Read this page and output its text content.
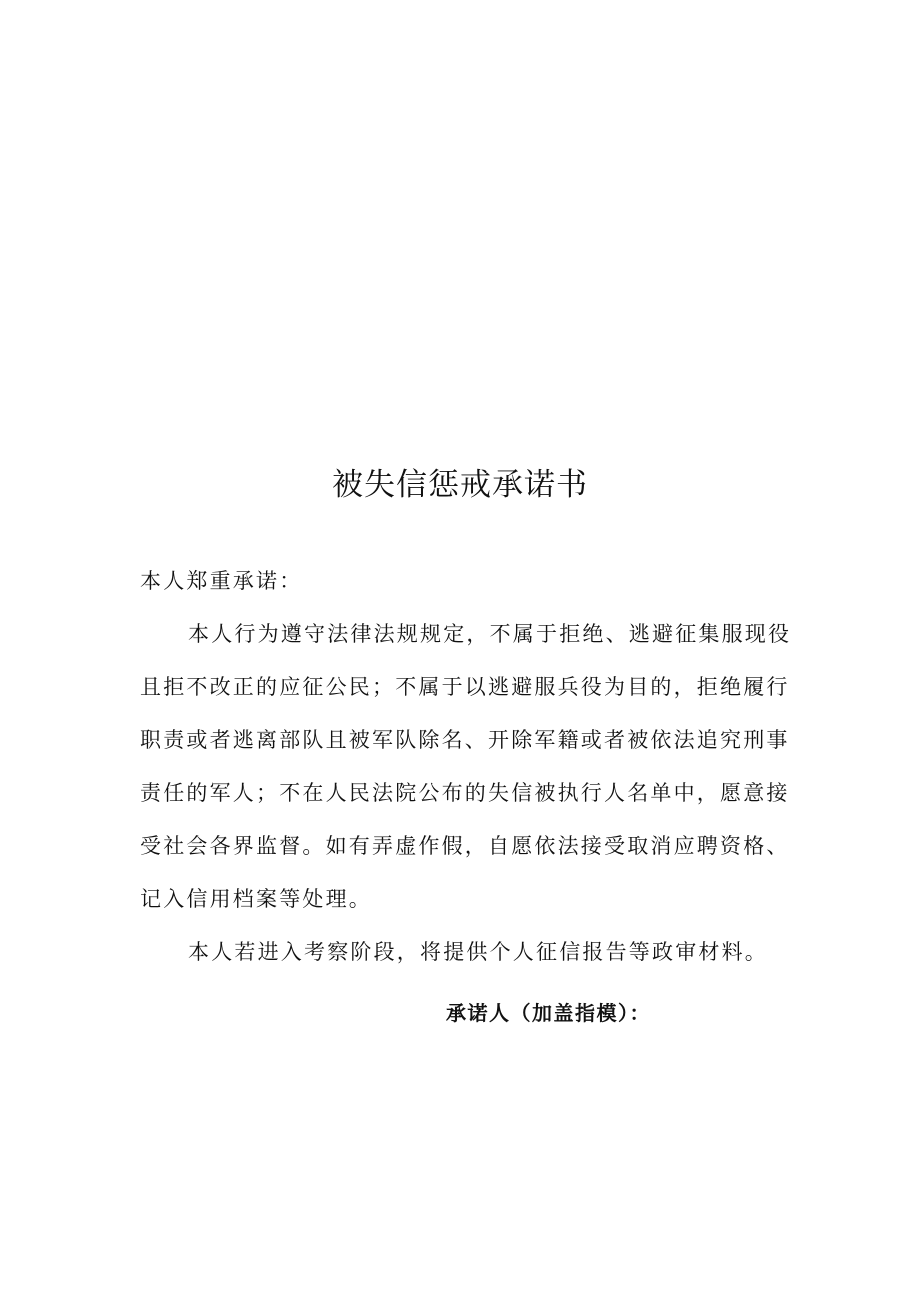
被失信惩戒承诺书
本人郑重承诺：
本人行为遵守法律法规规定，不属于拒绝、逃避征集服现役
且拒不改正的应征公民；不属于以逃避服兵役为目的，拒绝履行
职责或者逃离部队且被军队除名、开除军籍或者被依法追究刑事
责任的军人；不在人民法院公布的失信被执行人名单中，愿意接
受社会各界监督。如有弄虚作假，自愿依法接受取消应聘资格、
记入信用档案等处理。
本人若进入考察阶段，将提供个人征信报告等政审材料。
承诺人（加盖指模）：
